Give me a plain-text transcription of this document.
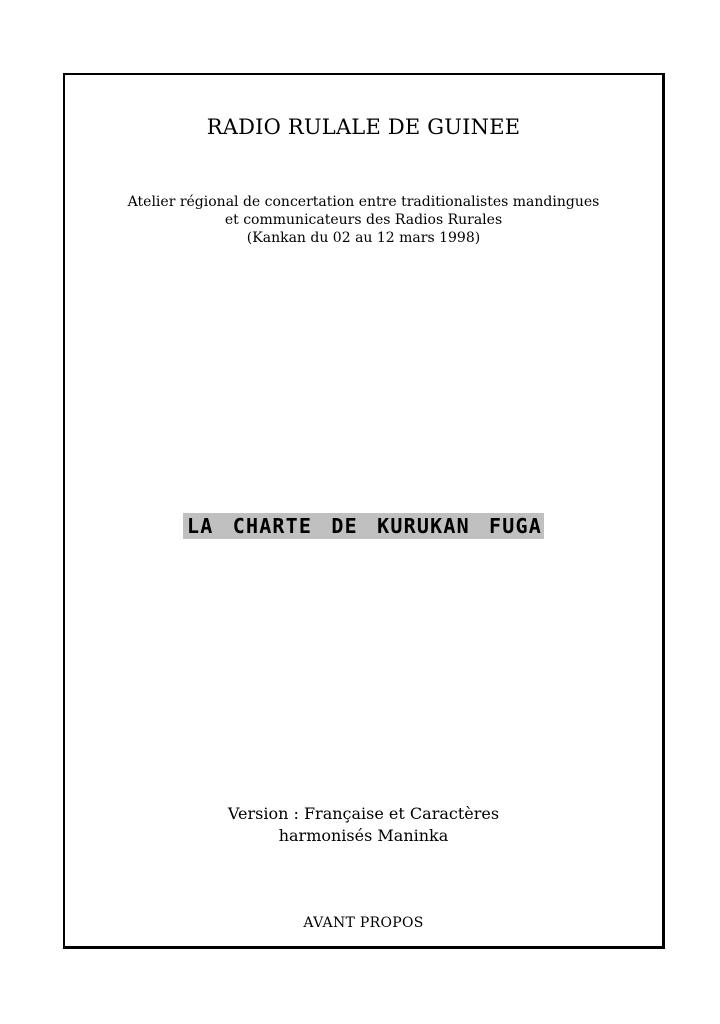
RADIO RULALE DE GUINEE
Atelier régional de concertation entre traditionalistes mandingues
et communicateurs des Radios Rurales
(Kankan du 02 au 12 mars 1998)
LA CHARTE DE KURUKAN FUGA
Version : Française et Caractères
harmonisés Maninka
AVANT PROPOS
